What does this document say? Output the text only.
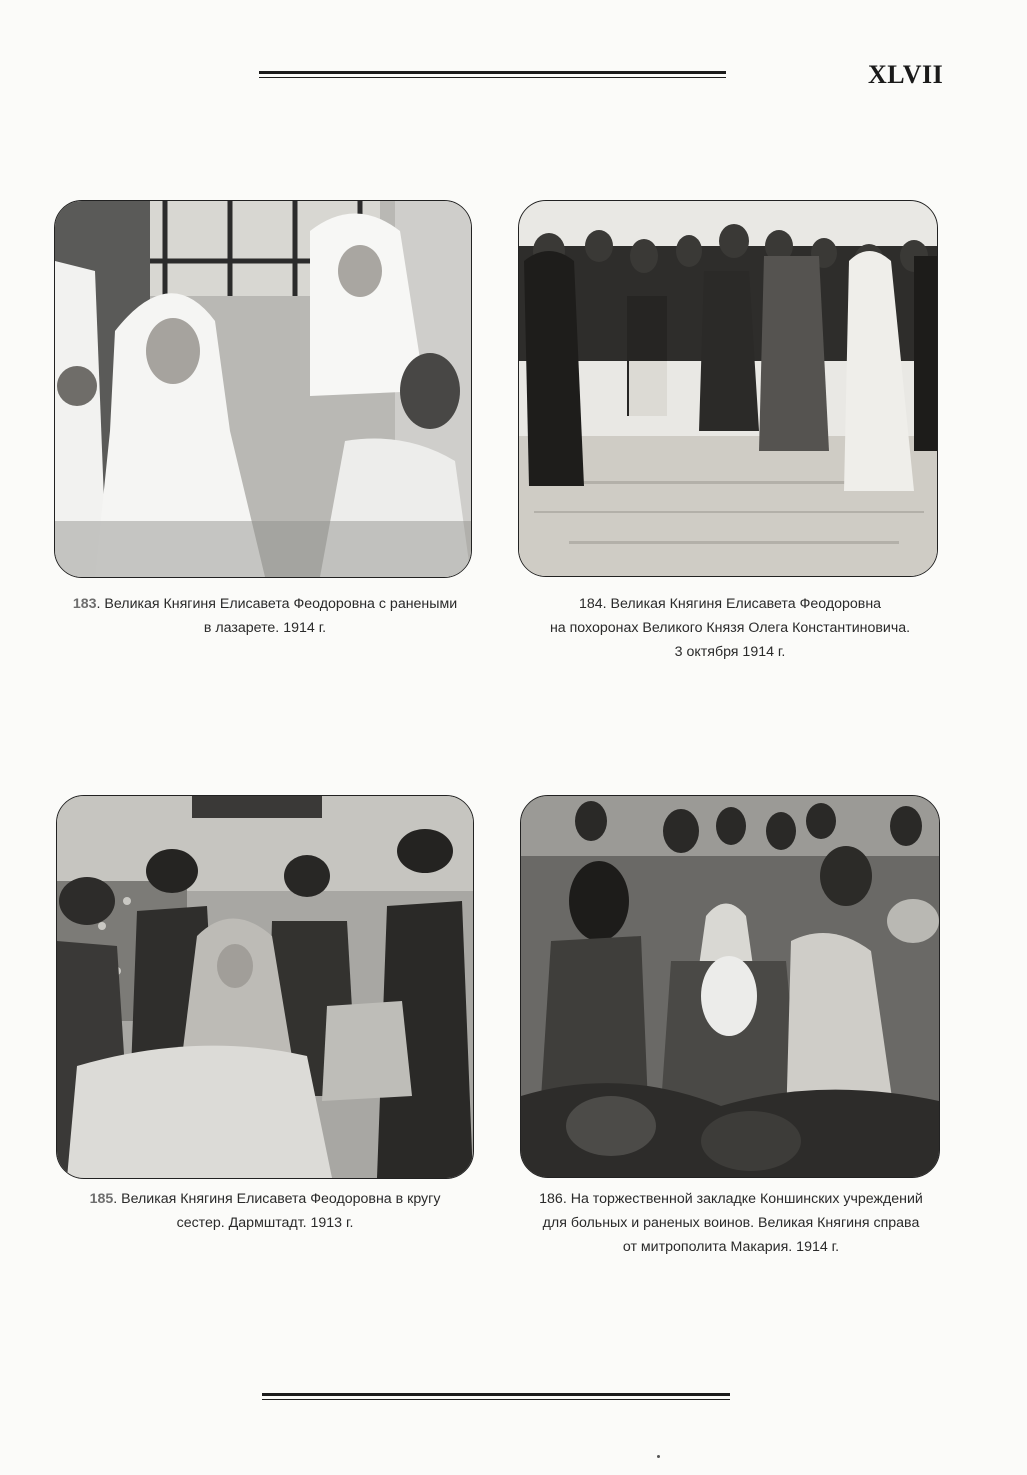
XLVII
183. Великая Княгиня Елисавета Феодоровна с ранеными
в лазарете. 1914 г.
184. Великая Княгиня Елисавета Феодоровна
на похоронах Великого Князя Олега Константиновича.
3 октября 1914 г.
185. Великая Княгиня Елисавета Феодоровна в кругу
сестер. Дармштадт. 1913 г.
186. На торжественной закладке Коншинских учреждений
для больных и раненых воинов. Великая Княгиня справа
от митрополита Макария. 1914 г.
